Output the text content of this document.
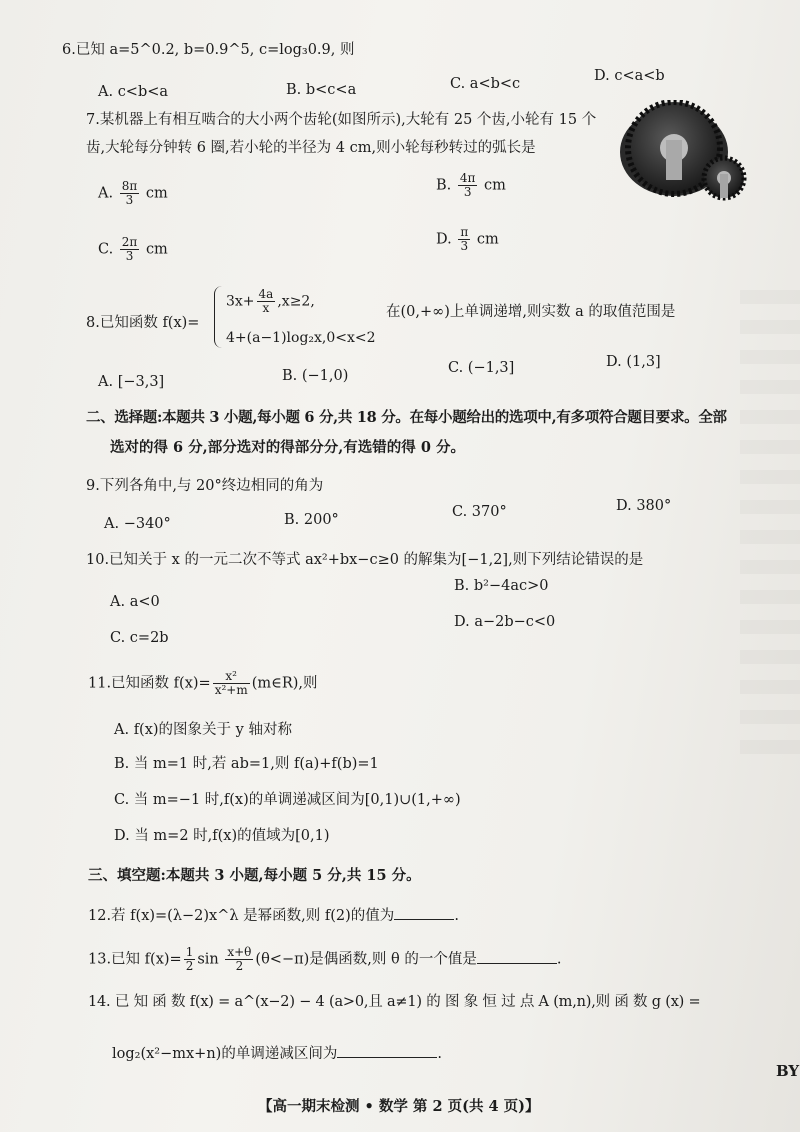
6.已知 a=5^0.2, b=0.9^5, c=log₃0.9, 则
A. c<b<a	B. b<c<a	C. a<b<c	D. c<a<b
7.某机器上有相互啮合的大小两个齿轮(如图所示),大轮有 25 个齿,小轮有 15 个
齿,大轮每分钟转 6 圈,若小轮的半径为 4 cm,则小轮每秒转过的弧长是
A. $\frac{8\pi}{3}$ cm	B. $\frac{4\pi}{3}$ cm
C. $\frac{2\pi}{3}$ cm
D. $\frac{\pi}{3}$ cm
8.已知函数 f(x)=
$3x+ \frac{4a}{x} ,x\ge 2$,
4+(a−1)log₂x,0<x<2
在(0,+∞)上单调递增,则实数 a 的取值范围是
A. [−3,3]	B. (−1,0)	C. (−1,3]	D. (1,3]
二、选择题:本题共 3 小题,每小题 6 分,共 18 分。在每小题给出的选项中,有多项符合题目要求。全部
选对的得 6 分,部分选对的得部分分,有选错的得 0 分。
9.下列各角中,与 20°终边相同的角为
A. −340°	B. 200°	C. 370°	D. 380°
10.已知关于 x 的一元二次不等式 ax²+bx−c≥0 的解集为[−1,2],则下列结论错误的是
A. a<0
B. b²−4ac>0
C. c=2b
D. a−2b−c<0
11.已知函数 $f(x)= \frac{\text{x²}}{\text{x²+m}}$ (m∈R),则
A. f(x)的图象关于 y 轴对称
B. 当 m=1 时,若 ab=1,则 f(a)+f(b)=1
C. 当 m=−1 时,f(x)的单调递减区间为[0,1)∪(1,+∞)
D. 当 m=2 时,f(x)的值域为[0,1)
三、填空题:本题共 3 小题,每小题 5 分,共 15 分。
12.若 f(x)=(λ−2)x^λ 是幂函数,则 f(2)的值为	.
13.已知 $f(x)= \frac{1}{2}$ $\sin \frac{x+\theta}{2} (\theta<-\pi)$是偶函数,则 θ 的一个值是	.
14. 已 知 函 数 f(x) = a^(x−2) − 4 (a>0,且 a≠1) 的 图 象 恒 过 点 A (m,n),则 函 数 g (x) =
log₂(x²−mx+n)的单调递减区间为	.
【高一期末检测 • 数学 第 2 页(共 4 页)】
BY
